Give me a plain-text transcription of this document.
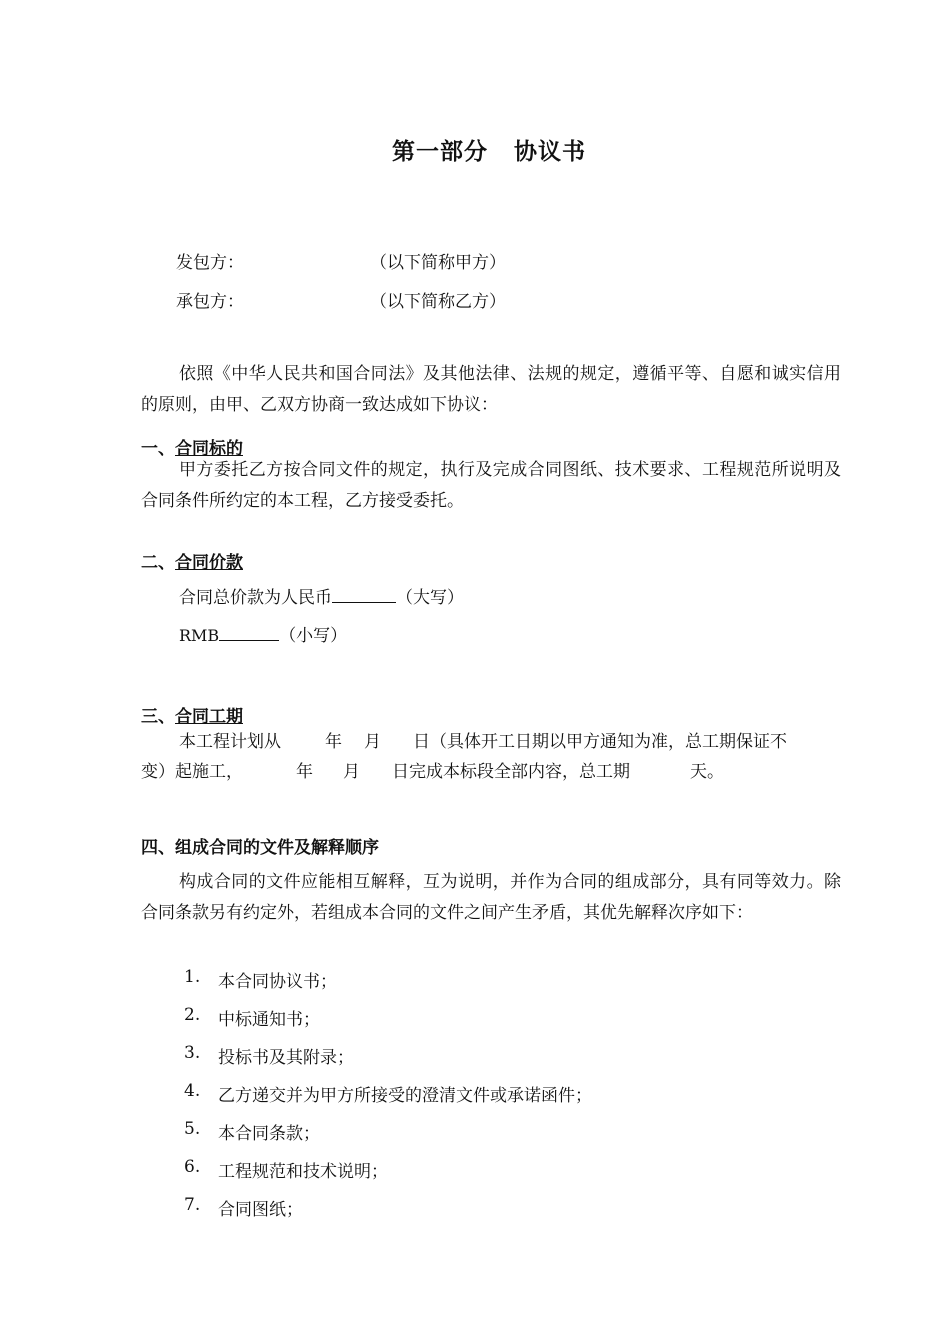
第一部分 协议书
发包方：	（以下简称甲方）
承包方：	（以下简称乙方）
依照《中华人民共和国合同法》及其他法律、法规的规定，遵循平等、自愿和诚实信用的原则，由甲、乙双方协商一致达成如下协议：
一、合同标的
甲方委托乙方按合同文件的规定，执行及完成合同图纸、技术要求、工程规范所说明及合同条件所约定的本工程，乙方接受委托。
二、合同价款
合同总价款为人民币	（大写）
RMB	（小写）
三、合同工期
本工程计划从	年 月 日（具体开工日期以甲方通知为准，总工期保证不
变）起施工，	年 月 日完成本标段全部内容，总工期	天。
四、组成合同的文件及解释顺序
构成合同的文件应能相互解释，互为说明，并作为合同的组成部分，具有同等效力。除合同条款另有约定外，若组成本合同的文件之间产生矛盾，其优先解释次序如下：
1. 本合同协议书；
2. 中标通知书；
3. 投标书及其附录；
4. 乙方递交并为甲方所接受的澄清文件或承诺函件；
5. 本合同条款；
6. 工程规范和技术说明；
7. 合同图纸；
